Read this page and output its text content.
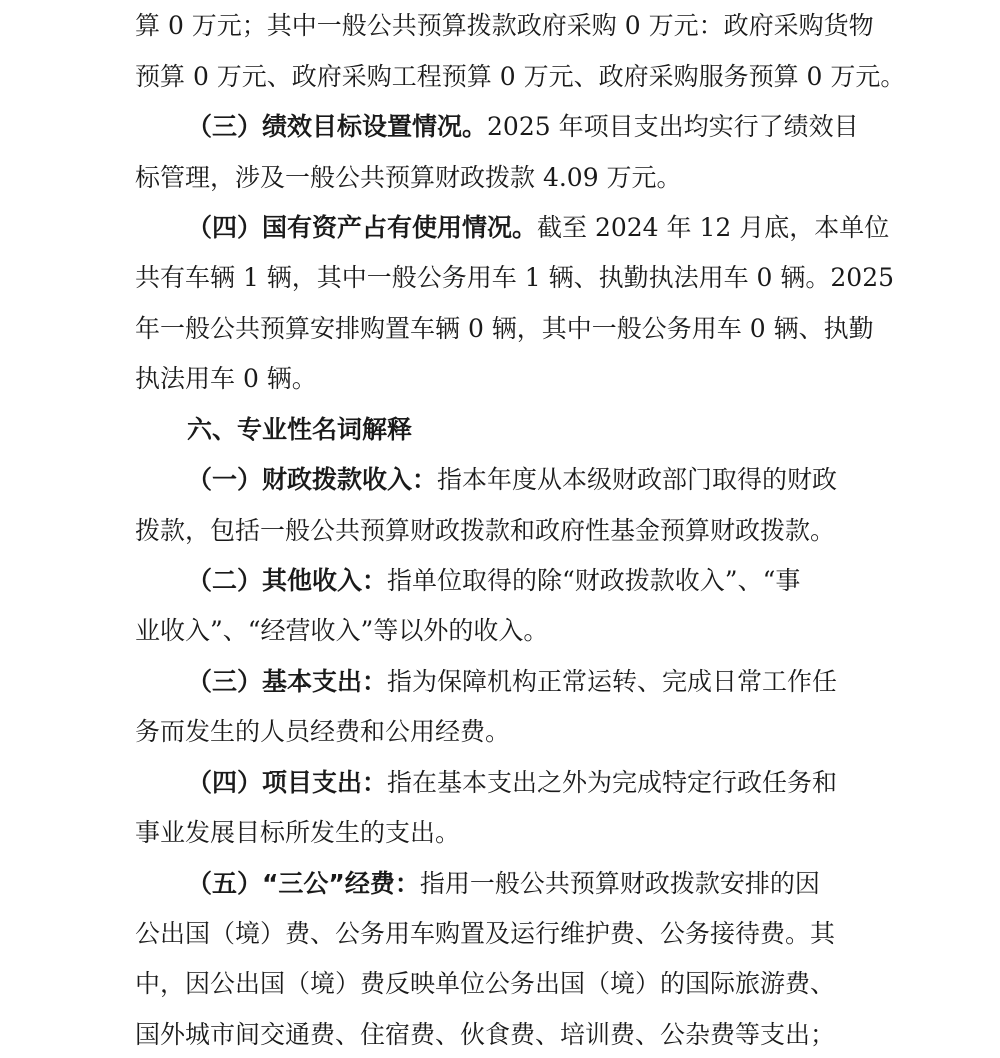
算 0 万元；其中一般公共预算拨款政府采购 0 万元：政府采购货物
预算 0 万元、政府采购工程预算 0 万元、政府采购服务预算 0 万元。
（三）绩效目标设置情况。2025 年项目支出均实行了绩效目
标管理，涉及一般公共预算财政拨款 4.09 万元。
（四）国有资产占有使用情况。截至 2024 年 12 月底，本单位
共有车辆 1 辆，其中一般公务用车 1 辆、执勤执法用车 0 辆。2025
年一般公共预算安排购置车辆 0 辆，其中一般公务用车 0 辆、执勤
执法用车 0 辆。
六、专业性名词解释
（一）财政拨款收入：指本年度从本级财政部门取得的财政
拨款，包括一般公共预算财政拨款和政府性基金预算财政拨款。
（二）其他收入：指单位取得的除“财政拨款收入”、“事
业收入”、“经营收入”等以外的收入。
（三）基本支出：指为保障机构正常运转、完成日常工作任
务而发生的人员经费和公用经费。
（四）项目支出：指在基本支出之外为完成特定行政任务和
事业发展目标所发生的支出。
（五）“三公”经费：指用一般公共预算财政拨款安排的因
公出国（境）费、公务用车购置及运行维护费、公务接待费。其
中，因公出国（境）费反映单位公务出国（境）的国际旅游费、
国外城市间交通费、住宿费、伙食费、培训费、公杂费等支出；
